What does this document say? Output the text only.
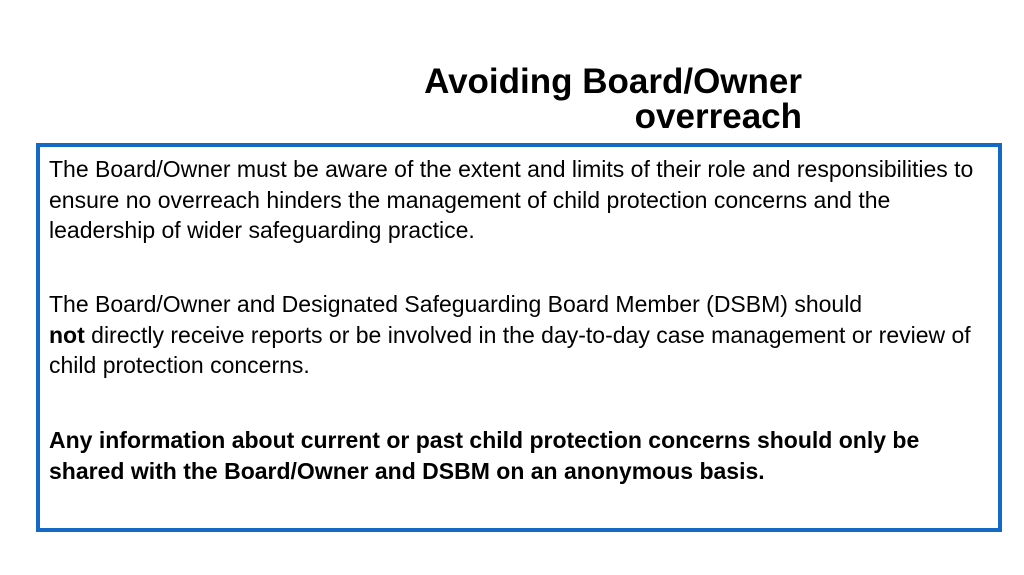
Avoiding Board/Owner
overreach

The Board/Owner must be aware of the extent and limits of their role and responsibilities to ensure no overreach hinders the management of child protection concerns and the leadership of wider safeguarding practice.

The Board/Owner and Designated Safeguarding Board Member (DSBM) should
not directly receive reports or be involved in the day-to-day case management or review of child protection concerns.

Any information about current or past child protection concerns should only be shared with the Board/Owner and DSBM on an anonymous basis.
